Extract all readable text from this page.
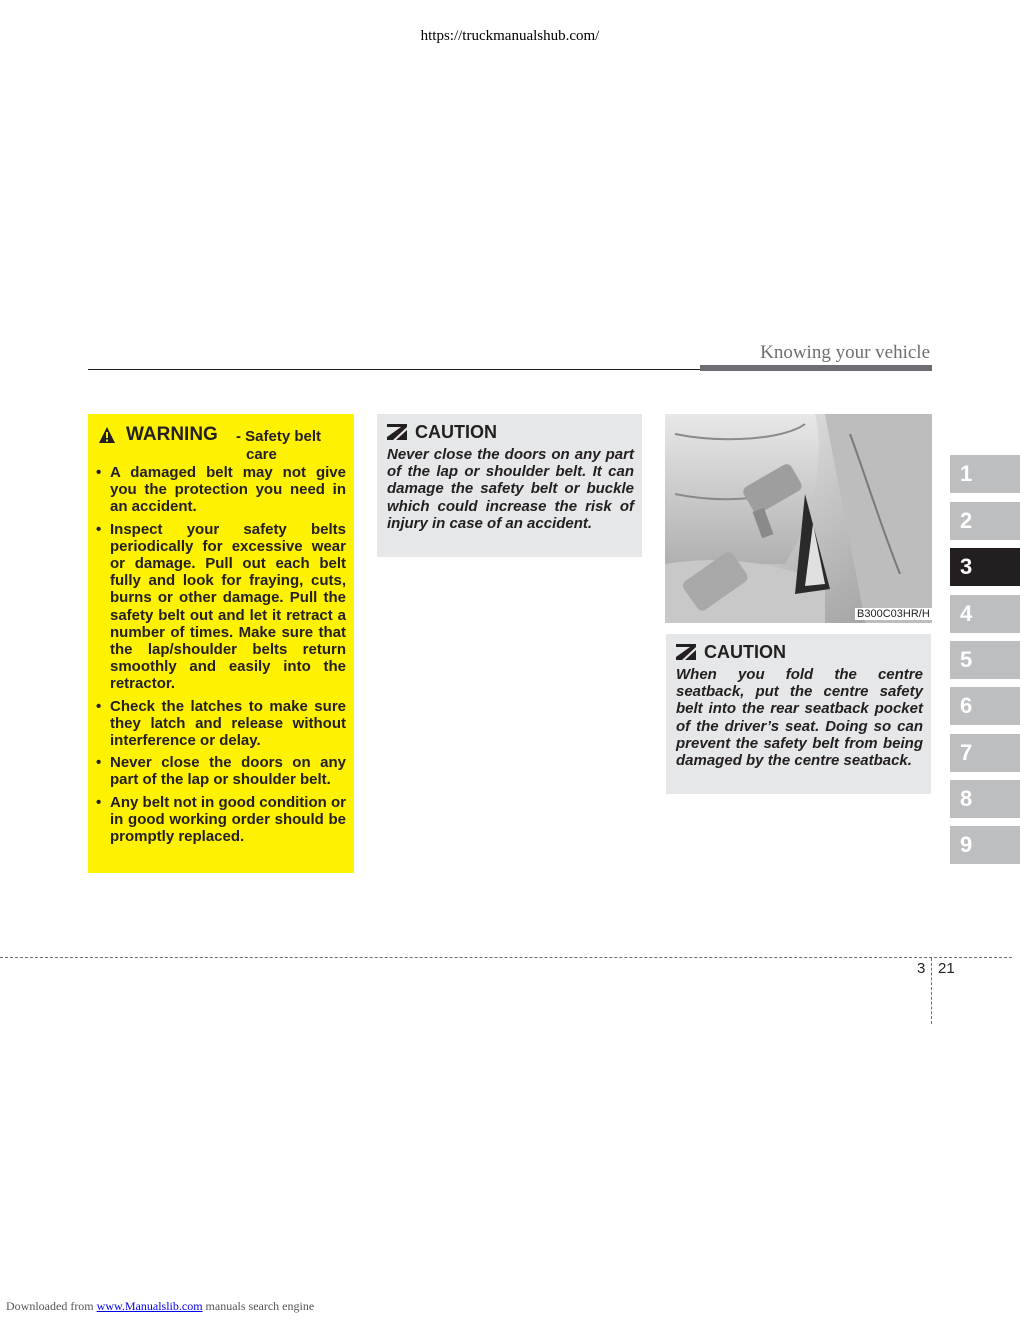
https://truckmanualshub.com/
Knowing your vehicle
WARNING - Safety belt
care
• A damaged belt may not give you the protection you need in an accident.
• Inspect your safety belts periodically for excessive wear or damage. Pull out each belt fully and look for fraying, cuts, burns or other damage. Pull the safety belt out and let it retract a number of times. Make sure that the lap/shoulder belts return smoothly and easily into the retractor.
• Check the latches to make sure they latch and release without interference or delay.
• Never close the doors on any part of the lap or shoulder belt.
• Any belt not in good condition or in good working order should be promptly replaced.
CAUTION
Never close the doors on any part of the lap or shoulder belt. It can damage the safety belt or buckle which could increase the risk of injury in case of an accident.
B300C03HR/H
CAUTION
When you fold the centre seatback, put the centre safety belt into the rear seatback pocket of the driver’s seat. Doing so can prevent the safety belt from being damaged by the centre seatback.
1
2
3
4
5
6
7
8
9
3 21
Downloaded from www.Manualslib.com manuals search engine
